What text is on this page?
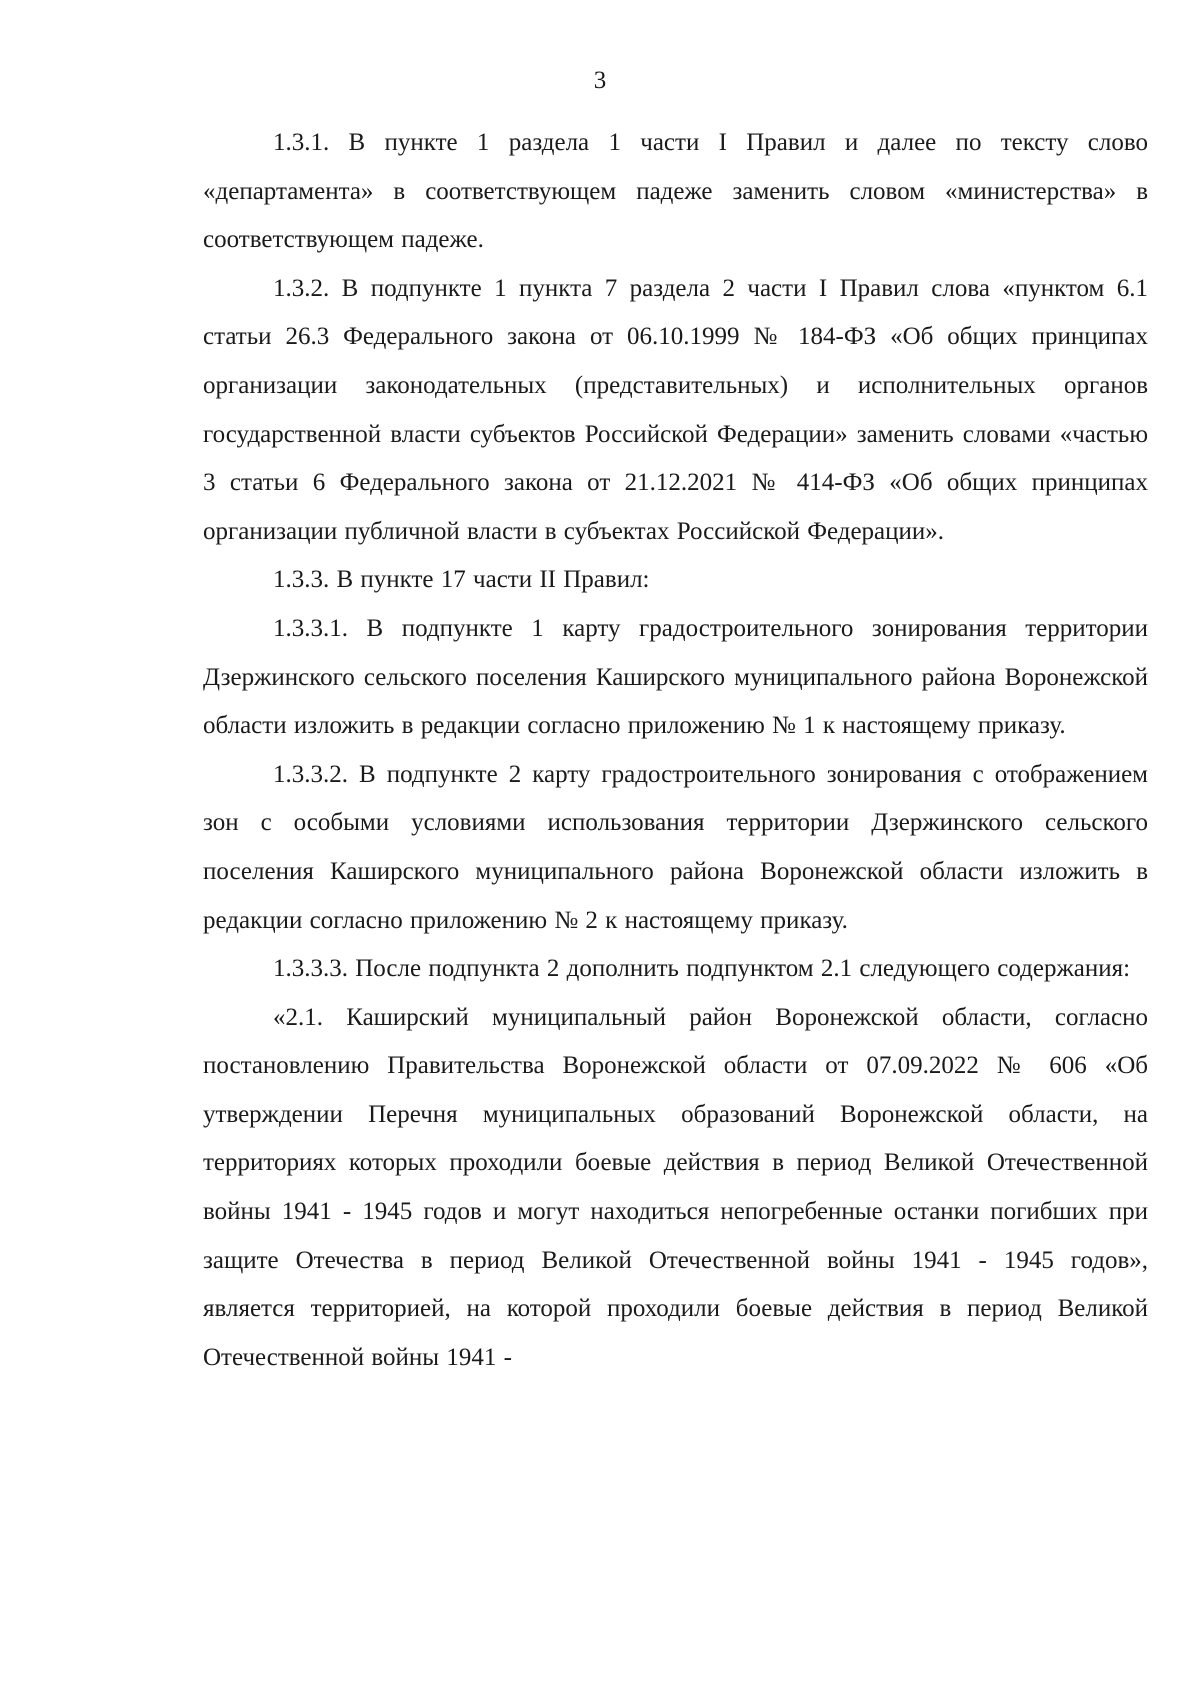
3

1.3.1. В пункте 1 раздела 1 части I Правил и далее по тексту слово «департамента» в соответствующем падеже заменить словом «министерства» в соответствующем падеже.

1.3.2. В подпункте 1 пункта 7 раздела 2 части I Правил слова «пунктом 6.1 статьи 26.3 Федерального закона от 06.10.1999 № 184-ФЗ «Об общих принципах организации законодательных (представительных) и исполнительных органов государственной власти субъектов Российской Федерации» заменить словами «частью 3 статьи 6 Федерального закона от 21.12.2021 № 414-ФЗ «Об общих принципах организации публичной власти в субъектах Российской Федерации».

1.3.3. В пункте 17 части II Правил:

1.3.3.1. В подпункте 1 карту градостроительного зонирования территории Дзержинского сельского поселения Каширского муниципального района Воронежской области изложить в редакции согласно приложению № 1 к настоящему приказу.

1.3.3.2. В подпункте 2 карту градостроительного зонирования с отображением зон с особыми условиями использования территории Дзержинского сельского поселения Каширского муниципального района Воронежской области изложить в редакции согласно приложению № 2 к настоящему приказу.

1.3.3.3. После подпункта 2 дополнить подпунктом 2.1 следующего содержания:

«2.1. Каширский муниципальный район Воронежской области, согласно постановлению Правительства Воронежской области от 07.09.2022 № 606 «Об утверждении Перечня муниципальных образований Воронежской области, на территориях которых проходили боевые действия в период Великой Отечественной войны 1941 - 1945 годов и могут находиться непогребенные останки погибших при защите Отечества в период Великой Отечественной войны 1941 - 1945 годов», является территорией, на которой проходили боевые действия в период Великой Отечественной войны 1941 -
